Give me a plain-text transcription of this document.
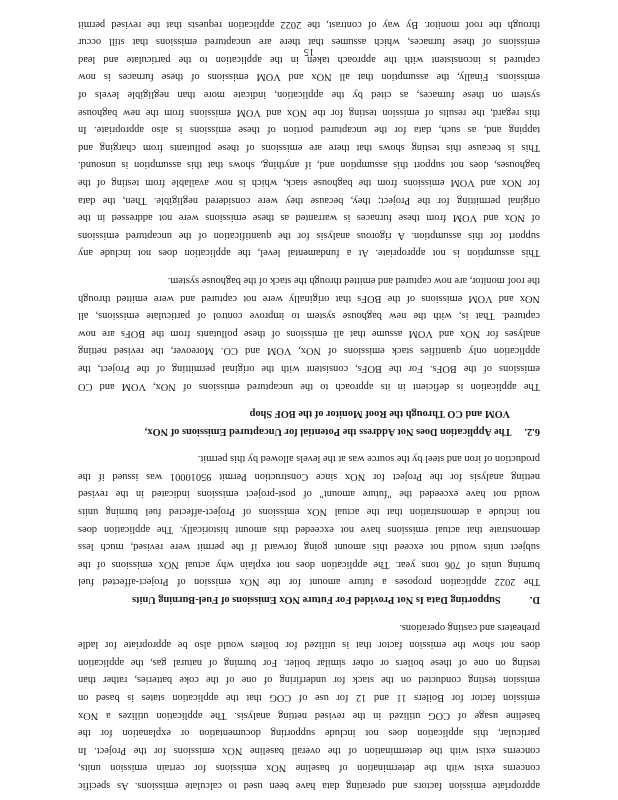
appropriate emission factors and operating data have been used to calculate emissions. As specific
concerns exist with the determination of baseline NOx emissions for certain emission units,
concerns exist with the determination of the overall baseline NOx emissions for the Project. In
particular, this application does not include supporting documentation or explanation for the
baseline usage of COG utilized in the revised netting analysis. The application utilizes a NOx
emission factor for Boilers 11 and 12 for use of COG that the application states is based on
emission testing conducted on the stack for underfiring of one of the coke batteries, rather than
testing on one of these boilers or other similar boiler. For burning of natural gas, the application
does not show the emission factor that is utilized for boilers would also be appropriate for ladle
preheaters and casting operations.
D.  Supporting Data Is Not Provided For Future NOx Emissions of Fuel-Burning Units
The 2022 application proposes a future amount for the NOx emission of Project-affected fuel
burning units of 706 tons year. The application does not explain why actual NOx emissions of the
subject units would not exceed this amount going forward if the permit were revised, much less
demonstrate that actual emissions have not exceeded this amount historically. The application does
not include a demonstration that the actual NOx emissions of Project-affected fuel burning units
would not have exceeded the "future amount" of post-project emissions indicated in the revised
netting analysis for the Project for NOx since Construction Permit 95010001 was issued if the
production of iron and steel by the source was at the levels allowed by this permit.
6.2.  The Application Does Not Address the Potential for Uncaptured Emissions of NOx,
VOM and CO Through the Roof Monitor of the BOF Shop
The application is deficient in its approach to the uncaptured emissions of NOx, VOM and CO
emissions of the BOFs. For the BOFs, consistent with the original permitting of the Project, the
application only quantifies stack emissions of NOx, VOM and CO. Moreover, the revised netting
analyses for NOx and VOM assume that all emissions of these pollutants from the BOFs are now
captured. That is, with the new baghouse system to improve control of particulate emissions, all
NOx and VOM emissions of the BOFs that originally were not captured and were emitted through
the roof monitor, are now captured and emitted through the stack of the baghouse system.
This assumption is not appropriate. At a fundamental level, the application does not include any
support for this assumption. A rigorous analysis for the quantification of the uncaptured emissions
of NOx and VOM from these furnaces is warranted as these emissions were not addressed in the
original permitting for the Project; they, because they were considered negligible. Then, the data
for NOx and VOM emissions from the baghouse stack, which is now available from testing of the
baghouses, does not support this assumption and, if anything, shows that this assumption is unsound.
This is because this testing shows that there are emissions of these pollutants from charging and
tapping and, as such, data for the uncaptured portion of these emissions is also appropriate. In
this regard, the results of emission testing for the NOx and VOM emissions from the new baghouse
system on these furnaces, as cited by the application, indicate more than negligible levels of
emissions. Finally, the assumption that all NOx and VOM emissions of these furnaces is now
captured is inconsistent with the approach taken in the application to the particulate and lead
emissions of these furnaces, which assumes that there are uncaptured emissions that still occur
through the roof monitor. By way of contrast, the 2022 application requests that the revised permit
15
